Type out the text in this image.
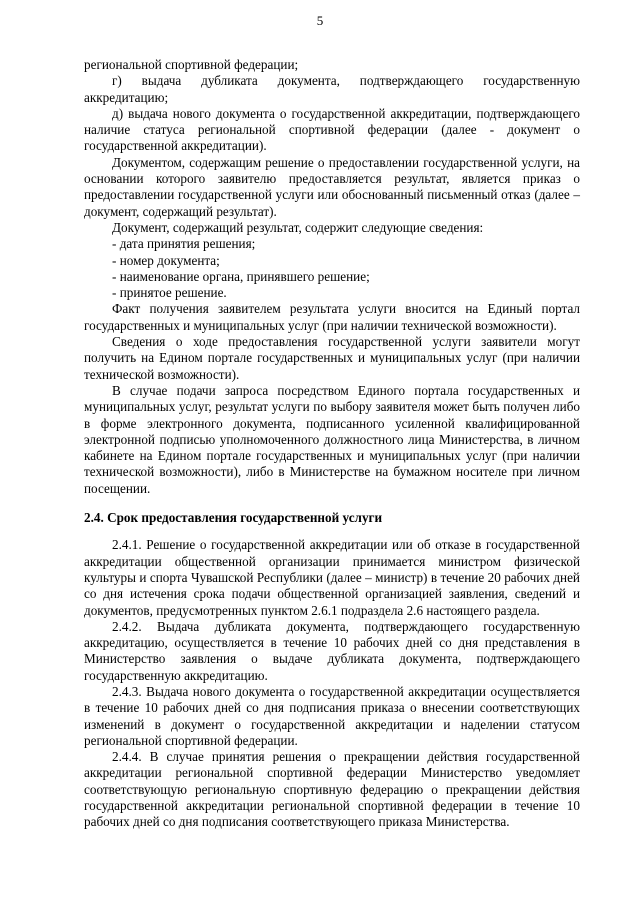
5

региональной спортивной федерации;

г) выдача дубликата документа, подтверждающего государственную аккредитацию;

д) выдача нового документа о государственной аккредитации, подтверждающего наличие статуса региональной спортивной федерации (далее - документ о государственной аккредитации).

Документом, содержащим решение о предоставлении государственной услуги, на основании которого заявителю предоставляется результат, является приказ о предоставлении государственной услуги или обоснованный письменный отказ (далее – документ, содержащий результат).

Документ, содержащий результат, содержит следующие сведения:

- дата принятия решения;

- номер документа;

- наименование органа, принявшего решение;

- принятое решение.

Факт получения заявителем результата услуги вносится на Единый портал государственных и муниципальных услуг (при наличии технической возможности).

Сведения о ходе предоставления государственной услуги заявители могут получить на Едином портале государственных и муниципальных услуг (при наличии технической возможности).

В случае подачи запроса посредством Единого портала государственных и муниципальных услуг, результат услуги по выбору заявителя может быть получен либо в форме электронного документа, подписанного усиленной квалифицированной электронной подписью уполномоченного должностного лица Министерства, в личном кабинете на Едином портале государственных и муниципальных услуг (при наличии технической возможности), либо в Министерстве на бумажном носителе при личном посещении.

2.4. Срок предоставления государственной услуги

2.4.1. Решение о государственной аккредитации или об отказе в государственной аккредитации общественной организации принимается министром физической культуры и спорта Чувашской Республики (далее – министр) в течение 20 рабочих дней со дня истечения срока подачи общественной организацией заявления, сведений и документов, предусмотренных пунктом 2.6.1 подраздела 2.6 настоящего раздела.

2.4.2. Выдача дубликата документа, подтверждающего государственную аккредитацию, осуществляется в течение 10 рабочих дней со дня представления в Министерство заявления о выдаче дубликата документа, подтверждающего государственную аккредитацию.

2.4.3. Выдача нового документа о государственной аккредитации осуществляется в течение 10 рабочих дней со дня подписания приказа о внесении соответствующих изменений в документ о государственной аккредитации и наделении статусом региональной спортивной федерации.

2.4.4. В случае принятия решения о прекращении действия государственной аккредитации региональной спортивной федерации Министерство уведомляет соответствующую региональную спортивную федерацию о прекращении действия государственной аккредитации региональной спортивной федерации в течение 10 рабочих дней со дня подписания соответствующего приказа Министерства.
